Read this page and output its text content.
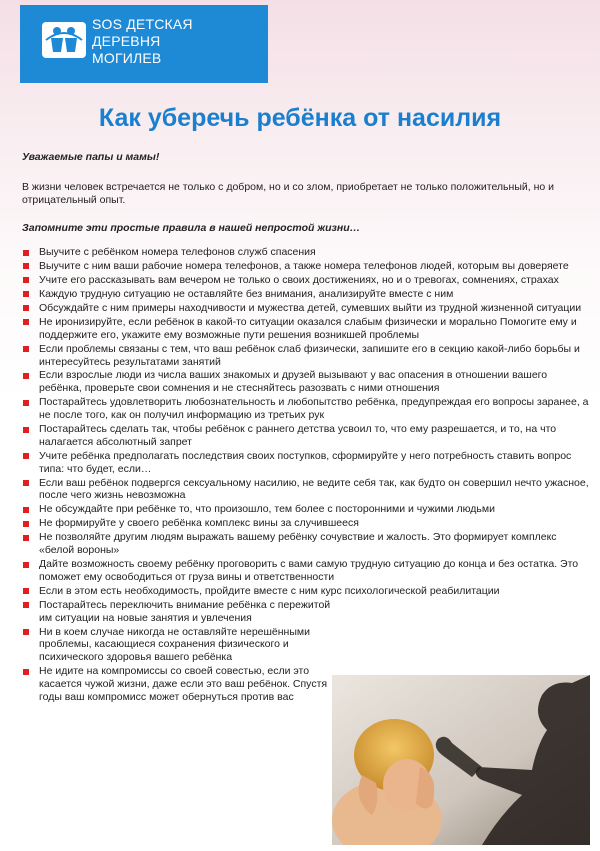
SOS ДЕТСКАЯ
ДЕРЕВНЯ
МОГИЛЕВ
Как уберечь ребёнка от насилия

Уважаемые папы и мамы!

В жизни человек встречается не только с добром, но и со злом, приобретает не только положительный, но и отрицательный опыт.

Запомните эти простые правила в нашей непростой жизни…

Выучите с ребёнком номера телефонов служб спасения
Выучите с ним ваши рабочие номера телефонов, а также номера телефонов людей, которым вы доверяете
Учите его рассказывать вам вечером не только о своих достижениях, но и о тревогах, сомнениях, страхах
Каждую трудную ситуацию не оставляйте без внимания, анализируйте вместе с ним
Обсуждайте с ним примеры находчивости и мужества детей, сумевших выйти из трудной жизненной ситуации
Не иронизируйте, если ребёнок в какой-то ситуации оказался слабым физически и морально Помогите ему и поддержите его, укажите ему возможные пути решения возникшей проблемы
Если проблемы связаны с тем, что ваш ребёнок слаб физически, запишите его в секцию какой-либо борьбы и интересуйтесь результатами занятий
Если взрослые люди из числа ваших знакомых и друзей вызывают у вас опасения в отношении вашего ребёнка, проверьте свои сомнения и не стесняйтесь разозвать с ними отношения
Постарайтесь удовлетворить любознательность и любопытство ребёнка, предупреждая его вопросы заранее, а не после того, как он получил информацию из третьих рук
Постарайтесь сделать так, чтобы ребёнок с раннего детства усвоил то, что ему разрешается, и то, на что налагается абсолютный запрет
Учите ребёнка предполагать последствия своих поступков, сформируйте у него потребность ставить вопрос типа: что будет, если…
Если ваш ребёнок подвергся сексуальному насилию, не ведите себя так, как будто он совершил нечто ужасное, после чего жизнь невозможна
Не обсуждайте при ребёнке то, что произошло, тем более с посторонними и чужими людьми
Не формируйте у своего ребёнка комплекс вины за случившееся
Не позволяйте другим людям выражать вашему ребёнку сочувствие и жалость. Это формирует комплекс «белой вороны»
Дайте возможность своему ребёнку проговорить с вами самую трудную ситуацию до конца и без остатка. Это поможет ему освободиться от груза вины и ответственности
Если в этом есть необходимость, пройдите вместе с ним курс психологической реабилитации
Постарайтесь переключить внимание ребёнка с пережитой им ситуации на новые занятия и увлечения
Ни в коем случае никогда не оставляйте нерешёнными проблемы, касающиеся сохранения физического и психического здоровья вашего ребёнка
Не идите на компромиссы со своей совестью, если это касается чужой жизни, даже если это ваш ребёнок. Спустя годы ваш компромисс может обернуться против вас
